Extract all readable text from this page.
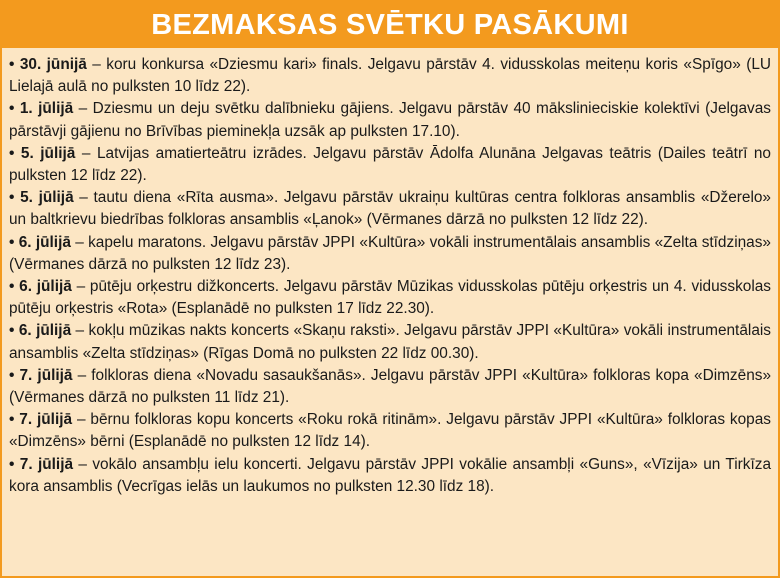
BEZMAKSAS SVĒTKU PASĀKUMI
• 30. jūnijā – koru konkursa «Dziesmu kari» finals. Jelgavu pārstāv 4. vidusskolas meiteņu koris «Spīgo» (LU Lielajā aulā no pulksten 10 līdz 22).
• 1. jūlijā – Dziesmu un deju svētku dalībnieku gājiens. Jelgavu pārstāv 40 mākslinieciskie kolektīvi (Jelgavas pārstāvji gājienu no Brīvības pieminekļa uzsāk ap pulksten 17.10).
• 5. jūlijā – Latvijas amatierteātru izrādes. Jelgavu pārstāv Ādolfa Alunāna Jelgavas teātris (Dailes teātrī no pulksten 12 līdz 22).
• 5. jūlijā – tautu diena «Rīta ausma». Jelgavu pārstāv ukraiņu kultūras centra folkloras ansamblis «Džerelo» un baltkrievu biedrības folkloras ansamblis «Ļanok» (Vērmanes dārzā no pulksten 12 līdz 22).
• 6. jūlijā – kapelu maratons. Jelgavu pārstāv JPPI «Kultūra» vokāli instrumentālais ansamblis «Zelta stīdziņas» (Vērmanes dārzā no pulksten 12 līdz 23).
• 6. jūlijā – pūtēju orķestru dižkoncerts. Jelgavu pārstāv Mūzikas vidusskolas pūtēju orķestris un 4. vidusskolas pūtēju orķestris «Rota» (Esplanādē no pulksten 17 līdz 22.30).
• 6. jūlijā – kokļu mūzikas nakts koncerts «Skaņu raksti». Jelgavu pārstāv JPPI «Kultūra» vokāli instrumentālais ansamblis «Zelta stīdziņas» (Rīgas Domā no pulksten 22 līdz 00.30).
• 7. jūlijā – folkloras diena «Novadu sasaukšanās». Jelgavu pārstāv JPPI «Kultūra» folkloras kopa «Dimzēns» (Vērmanes dārzā no pulksten 11 līdz 21).
• 7. jūlijā – bērnu folkloras kopu koncerts «Roku rokā ritinām». Jelgavu pārstāv JPPI «Kultūra» folkloras kopas «Dimzēns» bērni (Esplanādē no pulksten 12 līdz 14).
• 7. jūlijā – vokālo ansambļu ielu koncerti. Jelgavu pārstāv JPPI vokālie ansambļi «Guns», «Vīzija» un Tirkīza kora ansamblis (Vecrīgas ielās un laukumos no pulksten 12.30 līdz 18).
